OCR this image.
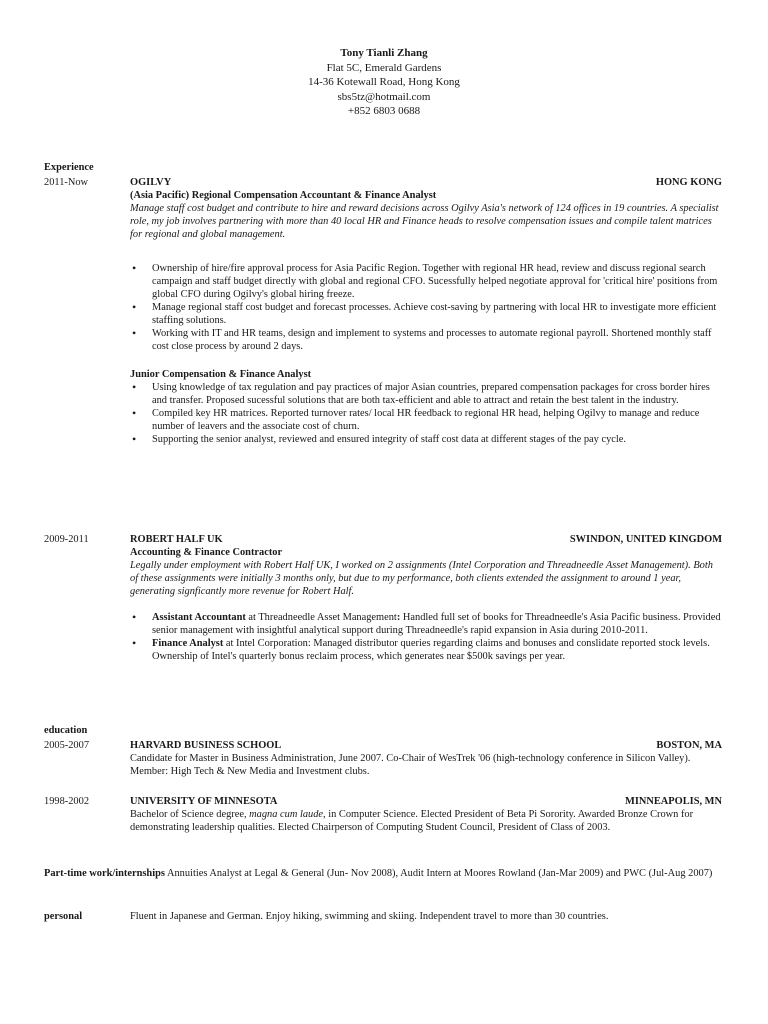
Tony Tianli Zhang
Flat 5C, Emerald Gardens
14-36 Kotewall Road, Hong Kong
sbs5tz@hotmail.com
+852 6803 0688
Experience
2011-Now	OGILVY	HONG KONG
(Asia Pacific) Regional Compensation Accountant & Finance Analyst
Manage staff cost budget and contribute to hire and reward decisions across Ogilvy Asia's network of 124 offices in 19 countries. A specialist role, my job involves partnering with more than 40 local HR and Finance heads to resolve compensation issues and compile talent matrices for regional and global management.
• Ownership of hire/fire approval process for Asia Pacific Region. Together with regional HR head, review and discuss regional search campaign and staff budget directly with global and regional CFO. Sucessfully helped negotiate approval for 'critical hire' positions from global CFO during Ogilvy's global hiring freeze.
• Manage regional staff cost budget and forecast processes. Achieve cost-saving by partnering with local HR to investigate more efficient staffing solutions.
• Working with IT and HR teams, design and implement to systems and processes to automate regional payroll. Shortened monthly staff cost close process by around 2 days.
Junior Compensation & Finance Analyst
• Using knowledge of tax regulation and pay practices of major Asian countries, prepared compensation packages for cross border hires and transfer. Proposed sucessful solutions that are both tax-efficient and able to attract and retain the best talent in the industry.
• Compiled key HR matrices. Reported turnover rates/ local HR feedback to regional HR head, helping Ogilvy to manage and reduce number of leavers and the associate cost of churn.
• Supporting the senior analyst, reviewed and ensured integrity of staff cost data at different stages of the pay cycle.
2009-2011	ROBERT HALF UK	SWINDON, UNITED KINGDOM
Accounting & Finance Contractor
Legally under employment with Robert Half UK, I worked on 2 assignments (Intel Corporation and Threadneedle Asset Management). Both of these assignments were initially 3 months only, but due to my performance, both clients extended the assignment to around 1 year, generating signficantly more revenue for Robert Half.
• Assistant Accountant at Threadneedle Asset Management: Handled full set of books for Threadneedle's Asia Pacific business. Provided senior management with insightful analytical support during Threadneedle's rapid expansion in Asia during 2010-2011.
• Finance Analyst at Intel Corporation: Managed distributor queries regarding claims and bonuses and conslidate reported stock levels. Ownership of Intel's quarterly bonus reclaim process, which generates near $500k savings per year.
education
2005-2007	HARVARD BUSINESS SCHOOL	BOSTON, MA
Candidate for Master in Business Administration, June 2007. Co-Chair of WesTrek '06 (high-technology conference in Silicon Valley). Member: High Tech & New Media and Investment clubs.
1998-2002	UNIVERSITY OF MINNESOTA	MINNEAPOLIS, MN
Bachelor of Science degree, magna cum laude, in Computer Science. Elected President of Beta Pi Sorority. Awarded Bronze Crown for demonstrating leadership qualities. Elected Chairperson of Computing Student Council, President of Class of 2003.
Part-time work/internships Annuities Analyst at Legal & General (Jun- Nov 2008), Audit Intern at Moores Rowland (Jan-Mar 2009) and PWC (Jul-Aug 2007)
personal	Fluent in Japanese and German. Enjoy hiking, swimming and skiing. Independent travel to more than 30 countries.
